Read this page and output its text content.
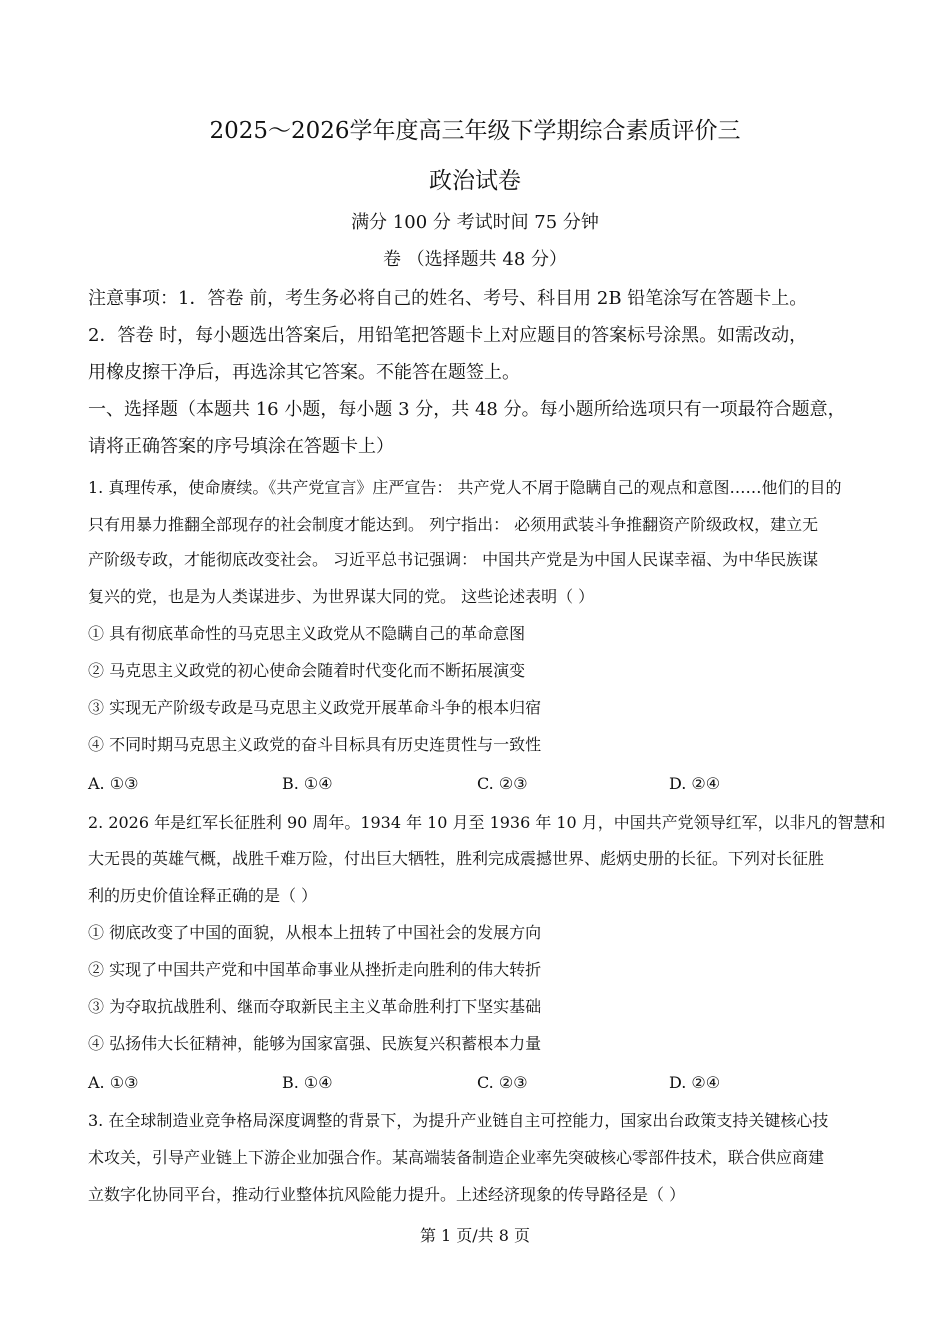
2025～2026学年度高三年级下学期综合素质评价三
政治试卷
满分 100 分 考试时间 75 分钟
卷 （选择题共 48 分）
注意事项：1．答卷 前，考生务必将自己的姓名、考号、科目用 2B 铅笔涂写在答题卡上。
2．答卷 时，每小题选出答案后，用铅笔把答题卡上对应题目的答案标号涂黑。如需改动，
用橡皮擦干净后，再选涂其它答案。不能答在题签上。
一、选择题（本题共 16 小题，每小题 3 分，共 48 分。每小题所给选项只有一项最符合题意，
请将正确答案的序号填涂在答题卡上）
1. 真理传承，使命赓续。《共产党宣言》庄严宣告： 共产党人不屑于隐瞒自己的观点和意图……他们的目的
只有用暴力推翻全部现存的社会制度才能达到。 列宁指出： 必须用武装斗争推翻资产阶级政权，建立无
产阶级专政，才能彻底改变社会。 习近平总书记强调： 中国共产党是为中国人民谋幸福、为中华民族谋
复兴的党，也是为人类谋进步、为世界谋大同的党。 这些论述表明（ ）
① 具有彻底革命性的马克思主义政党从不隐瞒自己的革命意图
② 马克思主义政党的初心使命会随着时代变化而不断拓展演变
③ 实现无产阶级专政是马克思主义政党开展革命斗争的根本归宿
④ 不同时期马克思主义政党的奋斗目标具有历史连贯性与一致性
A. ①③	B. ①④	C. ②③	D. ②④
2. 2026 年是红军长征胜利 90 周年。1934 年 10 月至 1936 年 10 月，中国共产党领导红军，以非凡的智慧和
大无畏的英雄气概，战胜千难万险，付出巨大牺牲，胜利完成震撼世界、彪炳史册的长征。下列对长征胜
利的历史价值诠释正确的是（ ）
① 彻底改变了中国的面貌，从根本上扭转了中国社会的发展方向
② 实现了中国共产党和中国革命事业从挫折走向胜利的伟大转折
③ 为夺取抗战胜利、继而夺取新民主主义革命胜利打下坚实基础
④ 弘扬伟大长征精神，能够为国家富强、民族复兴积蓄根本力量
A. ①③	B. ①④	C. ②③	D. ②④
3. 在全球制造业竞争格局深度调整的背景下，为提升产业链自主可控能力，国家出台政策支持关键核心技
术攻关，引导产业链上下游企业加强合作。某高端装备制造企业率先突破核心零部件技术，联合供应商建
立数字化协同平台，推动行业整体抗风险能力提升。上述经济现象的传导路径是（ ）
第 1 页/共 8 页
